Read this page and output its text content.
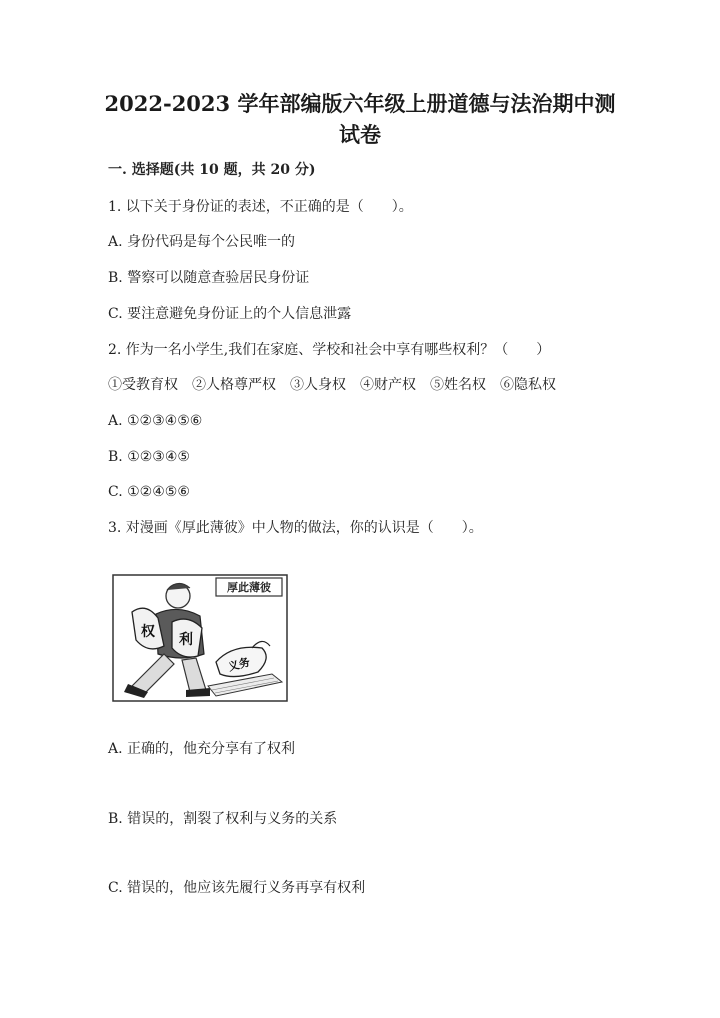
2022-2023 学年部编版六年级上册道德与法治期中测
试卷
一. 选择题(共 10 题，共 20 分)
1. 以下关于身份证的表述，不正确的是（　　）。
A. 身份代码是每个公民唯一的
B. 警察可以随意查验居民身份证
C. 要注意避免身份证上的个人信息泄露
2. 作为一名小学生,我们在家庭、学校和社会中享有哪些权利？（　　）
①受教育权　②人格尊严权　③人身权　④财产权　⑤姓名权　⑥隐私权
A. ①②③④⑤⑥
B. ①②③④⑤
C. ①②④⑤⑥
3. 对漫画《厚此薄彼》中人物的做法，你的认识是（　　）。
厚此薄彼
权 利
义务
A. 正确的，他充分享有了权利
B. 错误的，割裂了权利与义务的关系
C. 错误的，他应该先履行义务再享有权利
